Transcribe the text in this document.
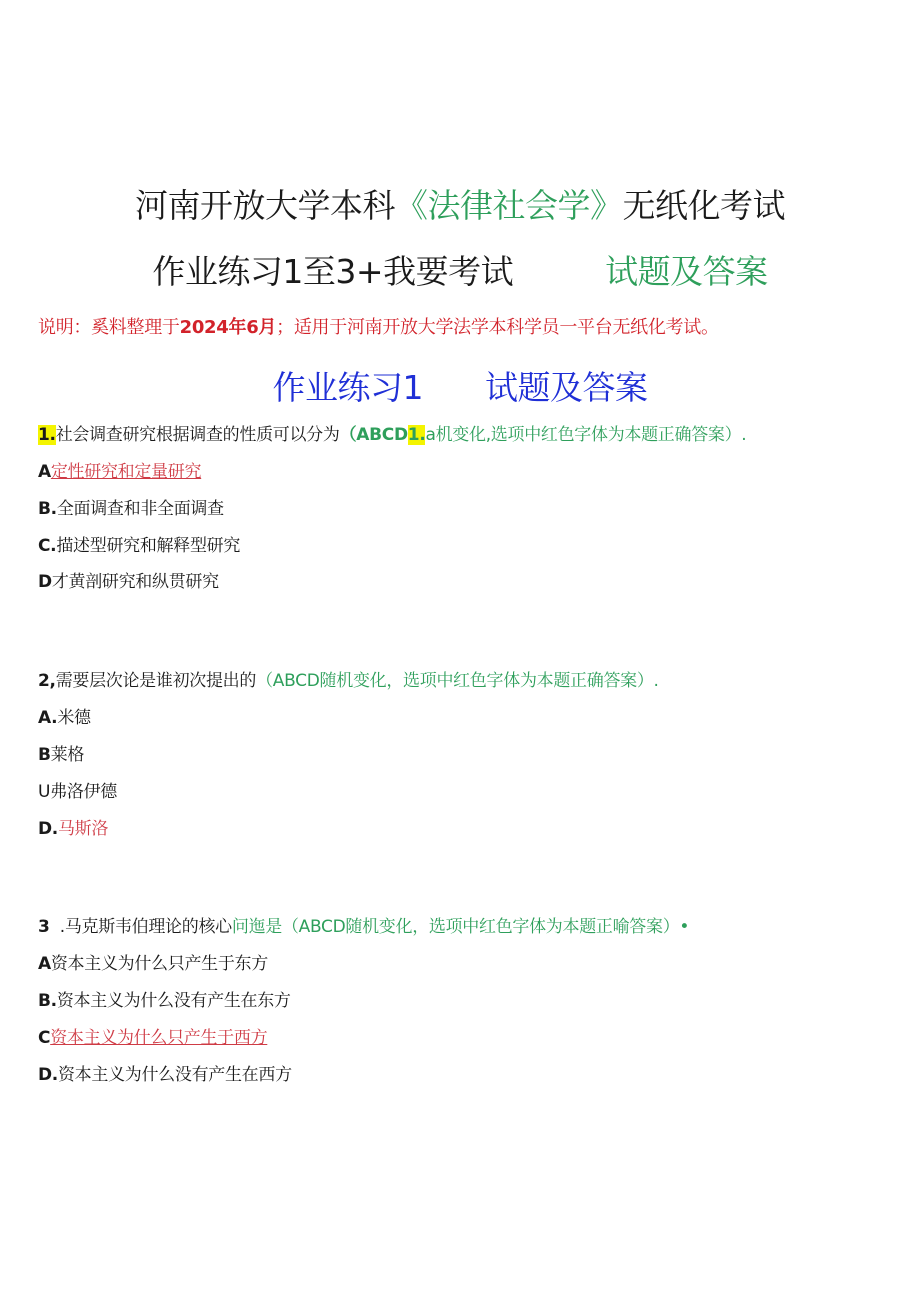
河南开放大学本科《法律社会学》无纸化考试
作业练习1至3+我要考试	试题及答案
说明：奚料整理于2024年6月；适用于河南开放大学法学本科学员一平台无纸化考试。
作业练习1 试题及答案
1.社会调查研究根据调查的性质可以分为（ABCD1.a机变化,选项中红色字体为本题正确答案）.
A定性研究和定量研究
B.全面调查和非全面调查
C.描述型研究和解释型研究
D才黄剖研究和纵贯研究
2,需要层次论是谁初次提出的（ABCD随机变化，选项中红色字体为本题正确答案）.
A.米德
B莱格
U弗洛伊德
D.马斯洛
3  .马克斯韦伯理论的核心问迤是（ABCD随机变化，选项中红色字体为本题正喻答案）•
A资本主义为什么只产生于东方
B.资本主义为什么没有产生在东方
C资本主义为什么只产生于西方
D.资本主义为什么没有产生在西方
